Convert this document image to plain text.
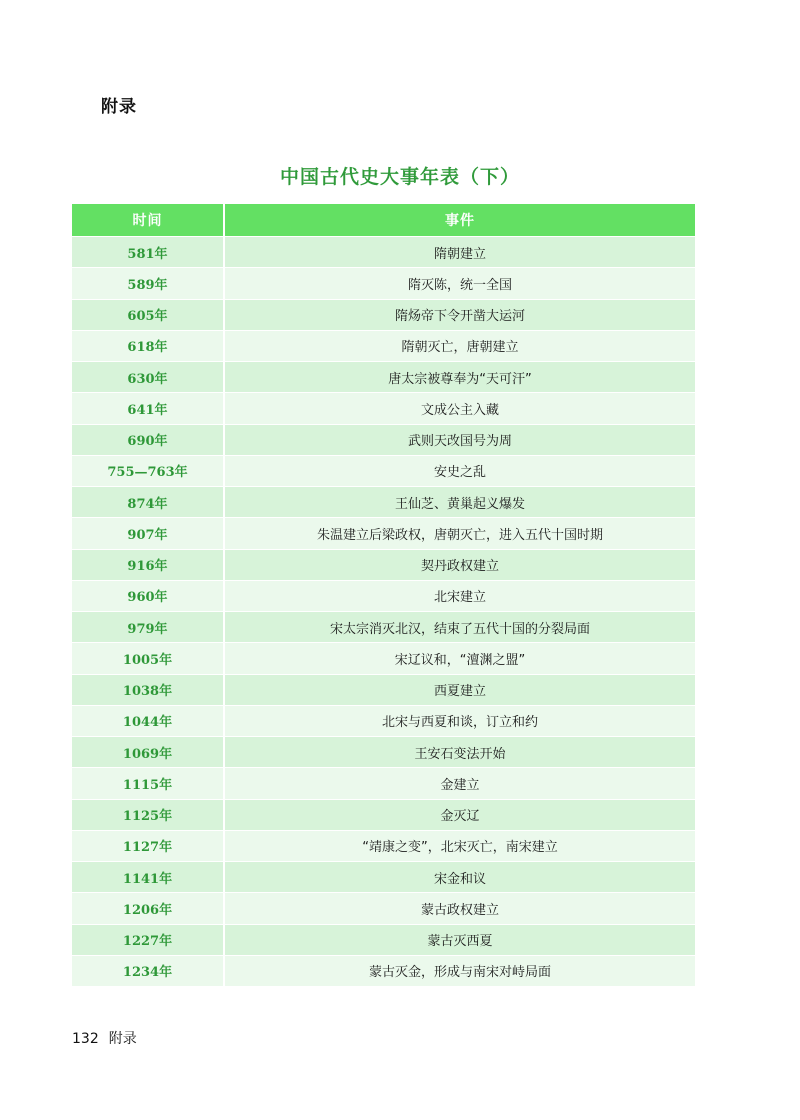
附录
中国古代史大事年表（下）
时间	事件
581年	隋朝建立
589年	隋灭陈，统一全国
605年	隋炀帝下令开凿大运河
618年	隋朝灭亡，唐朝建立
630年	唐太宗被尊奉为“天可汗”
641年	文成公主入藏
690年	武则天改国号为周
755—763年	安史之乱
874年	王仙芝、黄巢起义爆发
907年	朱温建立后梁政权，唐朝灭亡，进入五代十国时期
916年	契丹政权建立
960年	北宋建立
979年	宋太宗消灭北汉，结束了五代十国的分裂局面
1005年	宋辽议和，“澶渊之盟”
1038年	西夏建立
1044年	北宋与西夏和谈，订立和约
1069年	王安石变法开始
1115年	金建立
1125年	金灭辽
1127年	“靖康之变”，北宋灭亡，南宋建立
1141年	宋金和议
1206年	蒙古政权建立
1227年	蒙古灭西夏
1234年	蒙古灭金，形成与南宋对峙局面
132 附录
